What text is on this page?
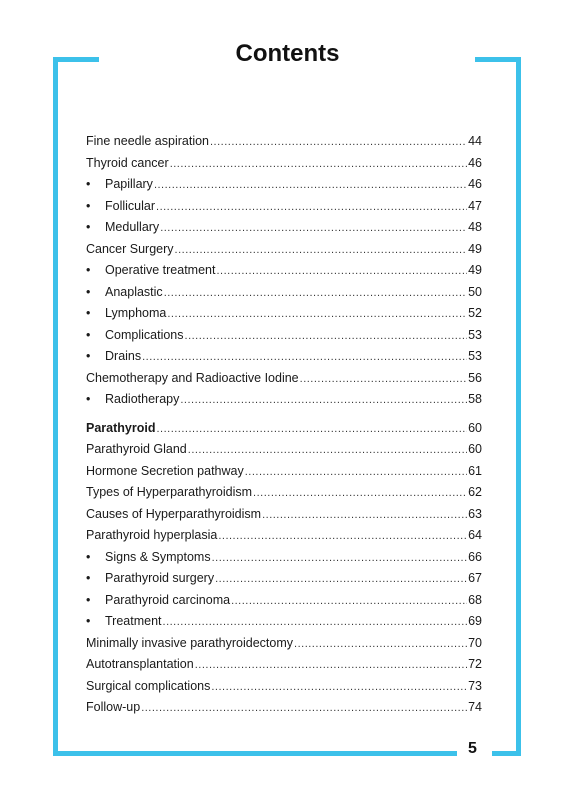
Contents
Fine needle aspiration .....	44
Thyroid cancer .....	46
•	Papillary .....	46
•	Follicular .....	47
•	Medullary .....	48
Cancer Surgery .....	49
•	Operative treatment .....	49
•	Anaplastic .....	50
•	Lymphoma .....	52
•	Complications .....	53
•	Drains .....	53
Chemotherapy and Radioactive Iodine .....	56
•	Radiotherapy .....	58
Parathyroid .....	60
Parathyroid Gland .....	60
Hormone Secretion pathway .....	61
Types of Hyperparathyroidism .....	62
Causes of Hyperparathyroidism .....	63
Parathyroid hyperplasia .....	64
•	Signs & Symptoms .....	66
•	Parathyroid surgery .....	67
•	Parathyroid carcinoma .....	68
•	Treatment .....	69
Minimally invasive parathyroidectomy .....	70
Autotransplantation .....	72
Surgical complications .....	73
Follow-up .....	74
5
